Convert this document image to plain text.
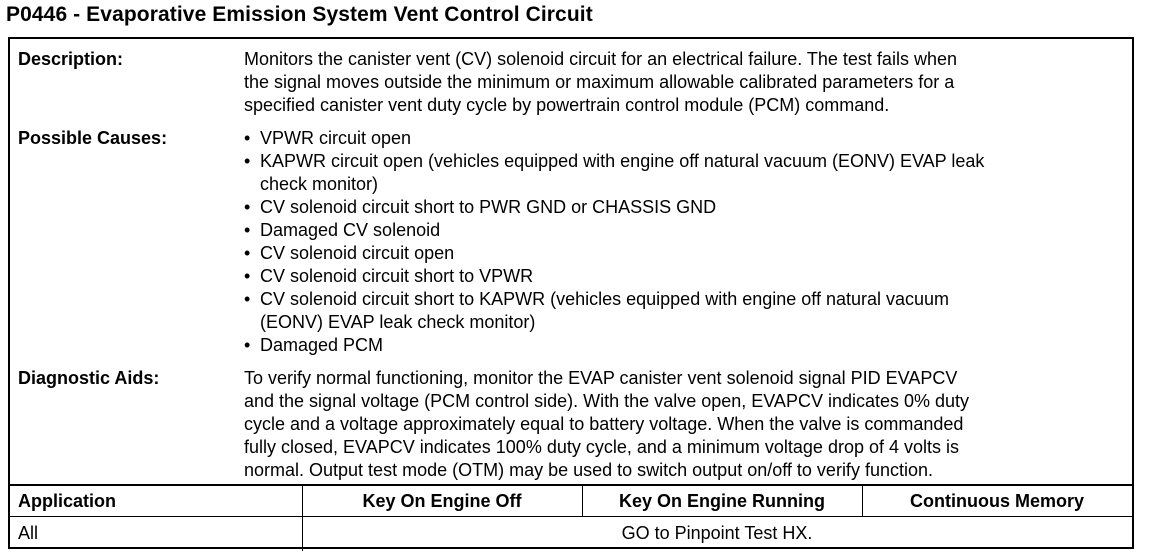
P0446 - Evaporative Emission System Vent Control Circuit
Description:	Monitors the canister vent (CV) solenoid circuit for an electrical failure. The test fails when
the signal moves outside the minimum or maximum allowable calibrated parameters for a
specified canister vent duty cycle by powertrain control module (PCM) command.
Possible Causes:	• VPWR circuit open
• KAPWR circuit open (vehicles equipped with engine off natural vacuum (EONV) EVAP leak
check monitor)
• CV solenoid circuit short to PWR GND or CHASSIS GND
• Damaged CV solenoid
• CV solenoid circuit open
• CV solenoid circuit short to VPWR
• CV solenoid circuit short to KAPWR (vehicles equipped with engine off natural vacuum
(EONV) EVAP leak check monitor)
• Damaged PCM
Diagnostic Aids:	To verify normal functioning, monitor the EVAP canister vent solenoid signal PID EVAPCV
and the signal voltage (PCM control side). With the valve open, EVAPCV indicates 0% duty
cycle and a voltage approximately equal to battery voltage. When the valve is commanded
fully closed, EVAPCV indicates 100% duty cycle, and a minimum voltage drop of 4 volts is
normal. Output test mode (OTM) may be used to switch output on/off to verify function.
Application	Key On Engine Off	Key On Engine Running	Continuous Memory
All	GO to Pinpoint Test HX.
